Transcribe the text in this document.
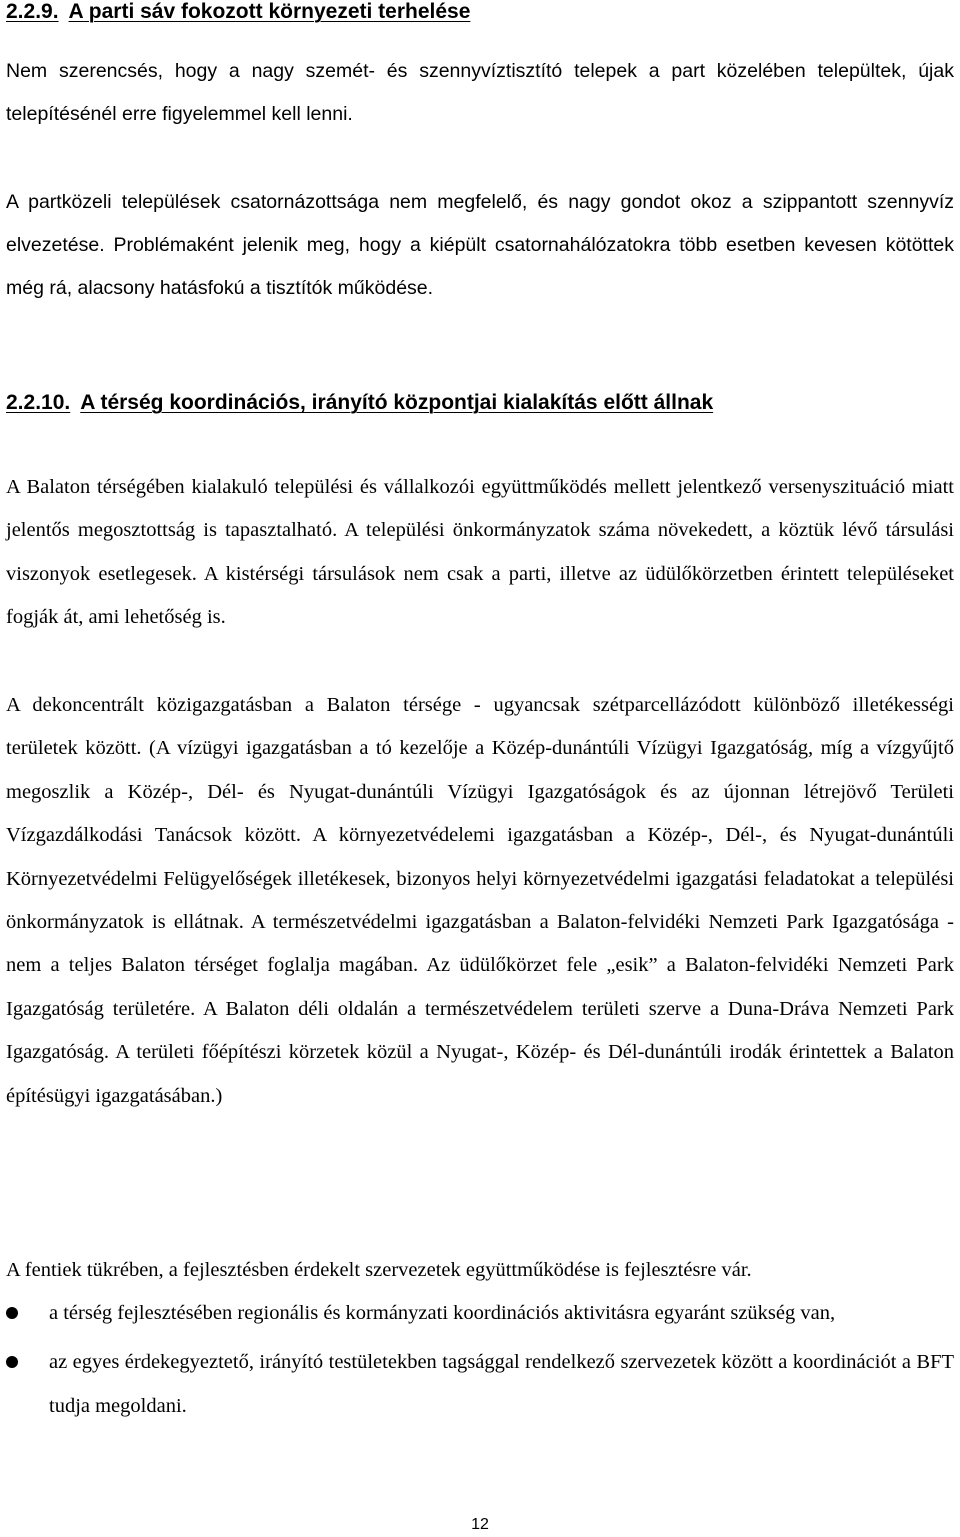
2.2.9. A parti sáv fokozott környezeti terhelése

Nem szerencsés, hogy a nagy szemét- és szennyvíztisztító telepek a part közelében települtek, újak telepítésénél erre figyelemmel kell lenni.

A partközeli települések csatornázottsága nem megfelelő, és nagy gondot okoz a szippantott szennyvíz elvezetése. Problémaként jelenik meg, hogy a kiépült csatornahálózatokra több esetben kevesen kötöttek még rá, alacsony hatásfokú a tisztítók működése.

2.2.10. A térség koordinációs, irányító központjai kialakítás előtt állnak

A Balaton térségében kialakuló települési és vállalkozói együttműködés mellett jelentkező versenyszituáció miatt jelentős megosztottság is tapasztalható. A települési önkormányzatok száma növekedett, a köztük lévő társulási viszonyok esetlegesek. A kistérségi társulások nem csak a parti, illetve az üdülőkörzetben érintett településeket fogják át, ami lehetőség is.

A dekoncentrált közigazgatásban a Balaton térsége - ugyancsak szétparcellázódott különböző illetékességi területek között. (A vízügyi igazgatásban a tó kezelője a Közép-dunántúli Vízügyi Igazgatóság, míg a vízgyűjtő megoszlik a Közép-, Dél- és Nyugat-dunántúli Vízügyi Igazgatóságok és az újonnan létrejövő Területi Vízgazdálkodási Tanácsok között. A környezetvédelemi igazgatásban a Közép-, Dél-, és Nyugat-dunántúli Környezetvédelmi Felügyelőségek illetékesek, bizonyos helyi környezetvédelmi igazgatási feladatokat a települési önkormányzatok is ellátnak. A természetvédelmi igazgatásban a Balaton-felvidéki Nemzeti Park Igazgatósága - nem a teljes Balaton térséget foglalja magában. Az üdülőkörzet fele „esik” a Balaton-felvidéki Nemzeti Park Igazgatóság területére. A Balaton déli oldalán a természetvédelem területi szerve a Duna-Dráva Nemzeti Park Igazgatóság. A területi főépítészi körzetek közül a Nyugat-, Közép- és Dél-dunántúli irodák érintettek a Balaton építésügyi igazgatásában.)

A fentiek tükrében, a fejlesztésben érdekelt szervezetek együttműködése is fejlesztésre vár.

a térség fejlesztésében regionális és kormányzati koordinációs aktivitásra egyaránt szükség van,
az egyes érdekegyeztető, irányító testületekben tagsággal rendelkező szervezetek között a koordinációt a BFT tudja megoldani.
12
